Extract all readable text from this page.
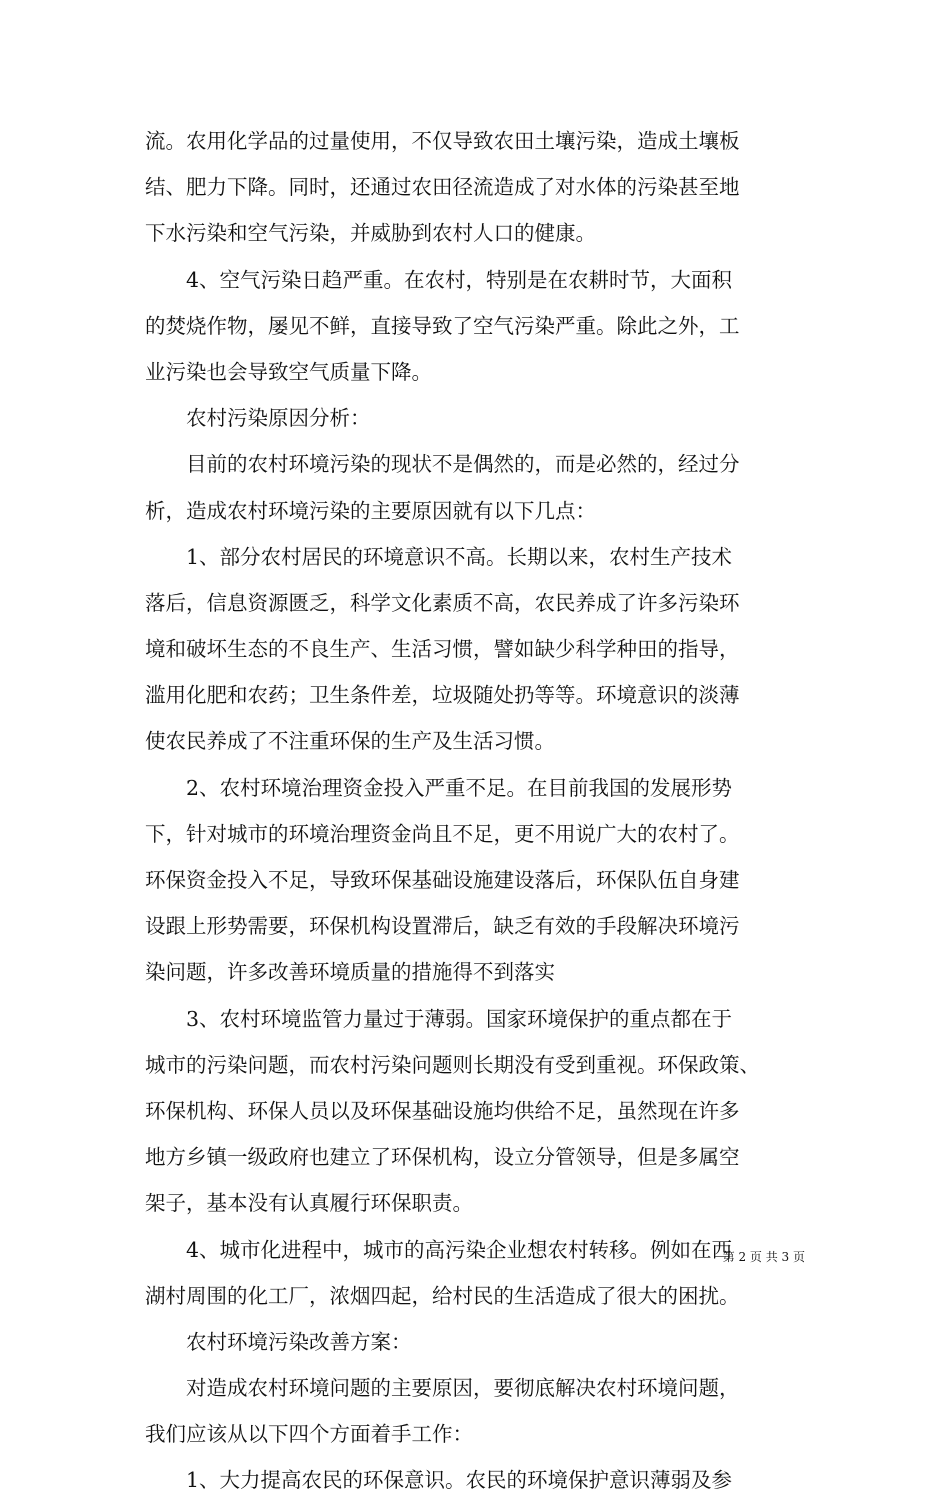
流。农用化学品的过量使用，不仅导致农田土壤污染，造成土壤板
结、肥力下降。同时，还通过农田径流造成了对水体的污染甚至地
下水污染和空气污染，并威胁到农村人口的健康。
4、空气污染日趋严重。在农村，特别是在农耕时节，大面积
的焚烧作物，屡见不鲜，直接导致了空气污染严重。除此之外，工
业污染也会导致空气质量下降。
农村污染原因分析：
目前的农村环境污染的现状不是偶然的，而是必然的，经过分
析，造成农村环境污染的主要原因就有以下几点：
1、部分农村居民的环境意识不高。长期以来，农村生产技术
落后，信息资源匮乏，科学文化素质不高，农民养成了许多污染环
境和破坏生态的不良生产、生活习惯，譬如缺少科学种田的指导，
滥用化肥和农药；卫生条件差，垃圾随处扔等等。环境意识的淡薄
使农民养成了不注重环保的生产及生活习惯。
2、农村环境治理资金投入严重不足。在目前我国的发展形势
下，针对城市的环境治理资金尚且不足，更不用说广大的农村了。
环保资金投入不足，导致环保基础设施建设落后，环保队伍自身建
设跟上形势需要，环保机构设置滞后，缺乏有效的手段解决环境污
染问题，许多改善环境质量的措施得不到落实
3、农村环境监管力量过于薄弱。国家环境保护的重点都在于
城市的污染问题，而农村污染问题则长期没有受到重视。环保政策、
环保机构、环保人员以及环保基础设施均供给不足，虽然现在许多
地方乡镇一级政府也建立了环保机构，设立分管领导，但是多属空
架子，基本没有认真履行环保职责。
4、城市化进程中，城市的高污染企业想农村转移。例如在西
湖村周围的化工厂，浓烟四起，给村民的生活造成了很大的困扰。
农村环境污染改善方案：
对造成农村环境问题的主要原因，要彻底解决农村环境问题，
我们应该从以下四个方面着手工作：
1、大力提高农民的环保意识。农民的环境保护意识薄弱及参
第 2 页 共 3 页
